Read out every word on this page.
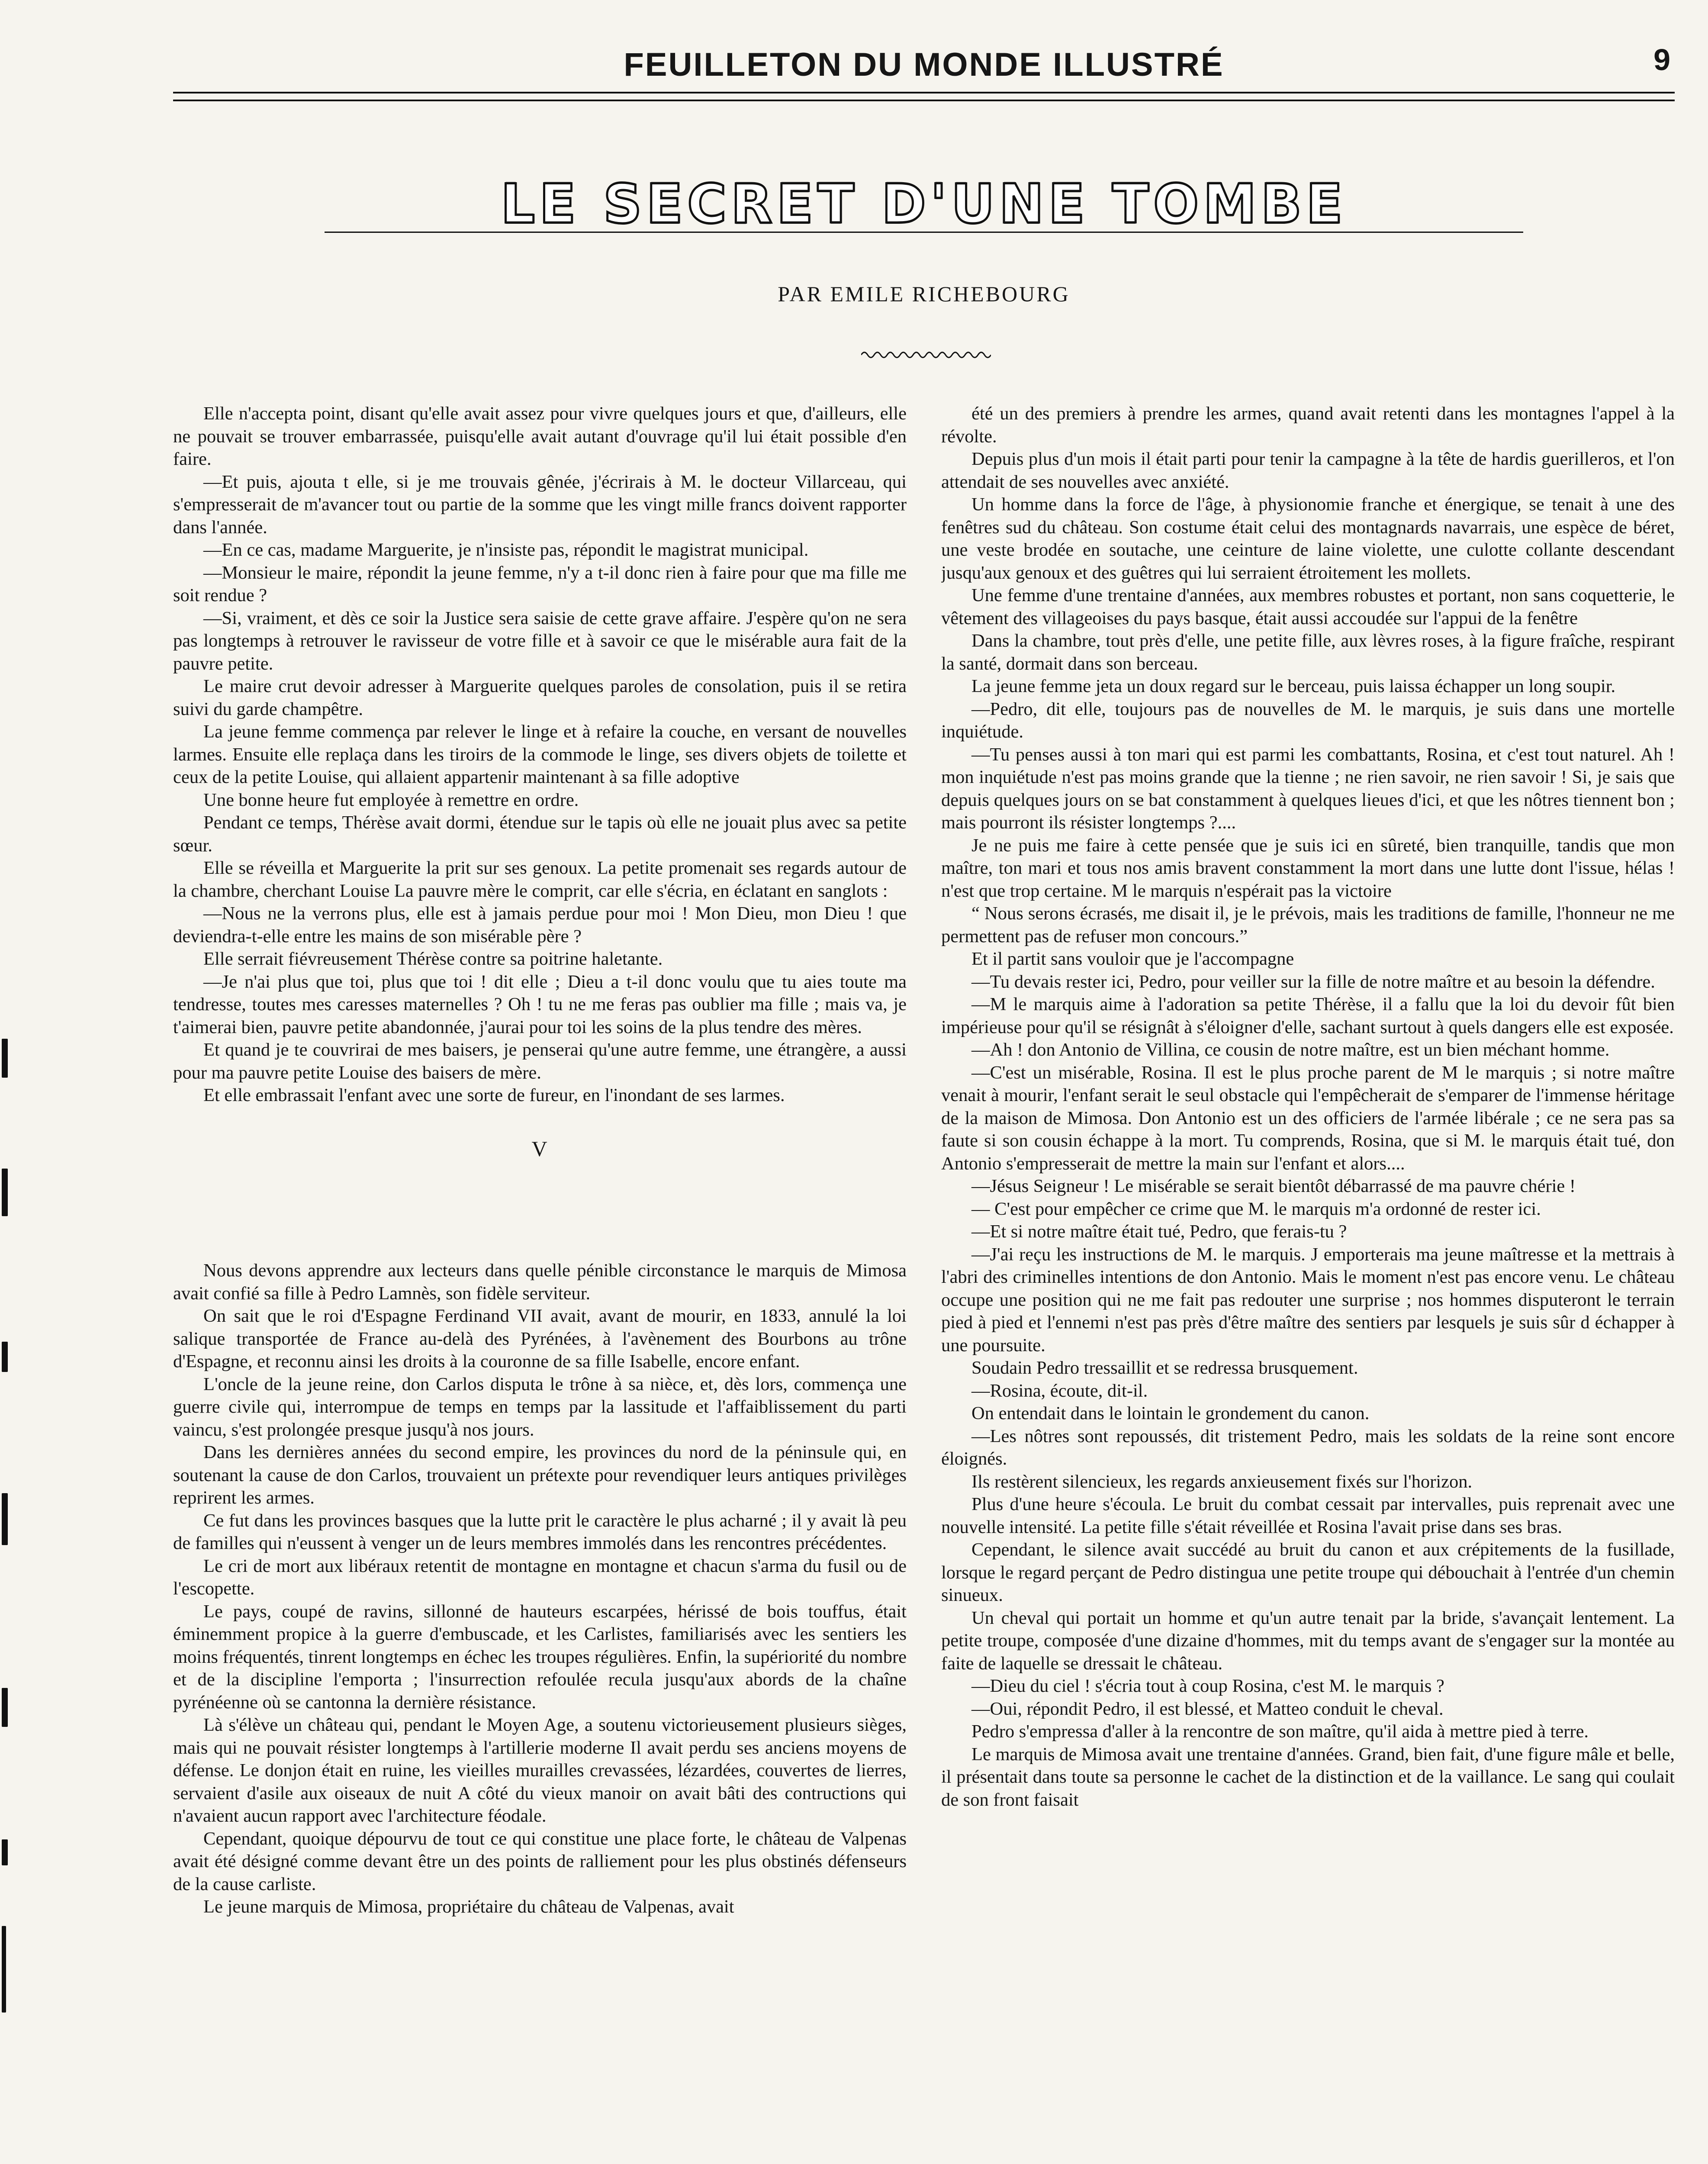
FEUILLETON DU MONDE ILLUSTRÉ	9
LE SECRET D'UNE TOMBE
PAR EMILE RICHEBOURG

Elle n'accepta point, disant qu'elle avait assez pour vivre quelques jours et que, d'ailleurs, elle ne pouvait se trouver embarrassée, puisqu'elle avait autant d'ouvrage qu'il lui était possible d'en faire.

—Et puis, ajouta t elle, si je me trouvais gênée, j'écrirais à M. le docteur Villarceau, qui s'empresserait de m'avancer tout ou partie de la somme que les vingt mille francs doivent rapporter dans l'année.

—En ce cas, madame Marguerite, je n'insiste pas, répondit le magistrat municipal.

—Monsieur le maire, répondit la jeune femme, n'y a t-il donc rien à faire pour que ma fille me soit rendue ?

—Si, vraiment, et dès ce soir la Justice sera saisie de cette grave affaire. J'espère qu'on ne sera pas longtemps à retrouver le ravisseur de votre fille et à savoir ce que le misérable aura fait de la pauvre petite.

Le maire crut devoir adresser à Marguerite quelques paroles de consolation, puis il se retira suivi du garde champêtre.

La jeune femme commença par relever le linge et à refaire la couche, en versant de nouvelles larmes. Ensuite elle replaça dans les tiroirs de la commode le linge, ses divers objets de toilette et ceux de la petite Louise, qui allaient appartenir maintenant à sa fille adoptive

Une bonne heure fut employée à remettre en ordre.

Pendant ce temps, Thérèse avait dormi, étendue sur le tapis où elle ne jouait plus avec sa petite sœur.

Elle se réveilla et Marguerite la prit sur ses genoux. La petite promenait ses regards autour de la chambre, cherchant Louise La pauvre mère le comprit, car elle s'écria, en éclatant en sanglots :

—Nous ne la verrons plus, elle est à jamais perdue pour moi ! Mon Dieu, mon Dieu ! que deviendra-t-elle entre les mains de son misérable père ?

Elle serrait fiévreusement Thérèse contre sa poitrine haletante.

—Je n'ai plus que toi, plus que toi ! dit elle ; Dieu a t-il donc voulu que tu aies toute ma tendresse, toutes mes caresses maternelles ? Oh ! tu ne me feras pas oublier ma fille ; mais va, je t'aimerai bien, pauvre petite abandonnée, j'aurai pour toi les soins de la plus tendre des mères.

Et quand je te couvrirai de mes baisers, je penserai qu'une autre femme, une étrangère, a aussi pour ma pauvre petite Louise des baisers de mère.

Et elle embrassait l'enfant avec une sorte de fureur, en l'inondant de ses larmes.

V

Nous devons apprendre aux lecteurs dans quelle pénible circonstance le marquis de Mimosa avait confié sa fille à Pedro Lamnès, son fidèle serviteur.

On sait que le roi d'Espagne Ferdinand VII avait, avant de mourir, en 1833, annulé la loi salique transportée de France au-delà des Pyrénées, à l'avènement des Bourbons au trône d'Espagne, et reconnu ainsi les droits à la couronne de sa fille Isabelle, encore enfant.

L'oncle de la jeune reine, don Carlos disputa le trône à sa nièce, et, dès lors, commença une guerre civile qui, interrompue de temps en temps par la lassitude et l'affaiblissement du parti vaincu, s'est prolongée presque jusqu'à nos jours.

Dans les dernières années du second empire, les provinces du nord de la péninsule qui, en soutenant la cause de don Carlos, trouvaient un prétexte pour revendiquer leurs antiques privilèges reprirent les armes.

Ce fut dans les provinces basques que la lutte prit le caractère le plus acharné ; il y avait là peu de familles qui n'eussent à venger un de leurs membres immolés dans les rencontres précédentes.

Le cri de mort aux libéraux retentit de montagne en montagne et chacun s'arma du fusil ou de l'escopette.

Le pays, coupé de ravins, sillonné de hauteurs escarpées, hérissé de bois touffus, était éminemment propice à la guerre d'embuscade, et les Carlistes, familiarisés avec les sentiers les moins fréquentés, tinrent longtemps en échec les troupes régulières. Enfin, la supériorité du nombre et de la discipline l'emporta ; l'insurrection refoulée recula jusqu'aux abords de la chaîne pyrénéenne où se cantonna la dernière résistance.

Là s'élève un château qui, pendant le Moyen Age, a soutenu victorieusement plusieurs sièges, mais qui ne pouvait résister longtemps à l'artillerie moderne Il avait perdu ses anciens moyens de défense. Le donjon était en ruine, les vieilles murailles crevassées, lézardées, couvertes de lierres, servaient d'asile aux oiseaux de nuit A côté du vieux manoir on avait bâti des contructions qui n'avaient aucun rapport avec l'architecture féodale.

Cependant, quoique dépourvu de tout ce qui constitue une place forte, le château de Valpenas avait été désigné comme devant être un des points de ralliement pour les plus obstinés défenseurs de la cause carliste.

Le jeune marquis de Mimosa, propriétaire du château de Valpenas, avait

été un des premiers à prendre les armes, quand avait retenti dans les montagnes l'appel à la révolte.

Depuis plus d'un mois il était parti pour tenir la campagne à la tête de hardis guerilleros, et l'on attendait de ses nouvelles avec anxiété.

Un homme dans la force de l'âge, à physionomie franche et énergique, se tenait à une des fenêtres sud du château. Son costume était celui des montagnards navarrais, une espèce de béret, une veste brodée en soutache, une ceinture de laine violette, une culotte collante descendant jusqu'aux genoux et des guêtres qui lui serraient étroitement les mollets.

Une femme d'une trentaine d'années, aux membres robustes et portant, non sans coquetterie, le vêtement des villageoises du pays basque, était aussi accoudée sur l'appui de la fenêtre

Dans la chambre, tout près d'elle, une petite fille, aux lèvres roses, à la figure fraîche, respirant la santé, dormait dans son berceau.

La jeune femme jeta un doux regard sur le berceau, puis laissa échapper un long soupir.

—Pedro, dit elle, toujours pas de nouvelles de M. le marquis, je suis dans une mortelle inquiétude.

—Tu penses aussi à ton mari qui est parmi les combattants, Rosina, et c'est tout naturel. Ah ! mon inquiétude n'est pas moins grande que la tienne ; ne rien savoir, ne rien savoir ! Si, je sais que depuis quelques jours on se bat constamment à quelques lieues d'ici, et que les nôtres tiennent bon ; mais pourront ils résister longtemps ?....

Je ne puis me faire à cette pensée que je suis ici en sûreté, bien tranquille, tandis que mon maître, ton mari et tous nos amis bravent constamment la mort dans une lutte dont l'issue, hélas ! n'est que trop certaine. M le marquis n'espérait pas la victoire

“ Nous serons écrasés, me disait il, je le prévois, mais les traditions de famille, l'honneur ne me permettent pas de refuser mon concours.”

Et il partit sans vouloir que je l'accompagne

—Tu devais rester ici, Pedro, pour veiller sur la fille de notre maître et au besoin la défendre.

—M le marquis aime à l'adoration sa petite Thérèse, il a fallu que la loi du devoir fût bien impérieuse pour qu'il se résignât à s'éloigner d'elle, sachant surtout à quels dangers elle est exposée.

—Ah ! don Antonio de Villina, ce cousin de notre maître, est un bien méchant homme.

—C'est un misérable, Rosina. Il est le plus proche parent de M le marquis ; si notre maître venait à mourir, l'enfant serait le seul obstacle qui l'empêcherait de s'emparer de l'immense héritage de la maison de Mimosa. Don Antonio est un des officiers de l'armée libérale ; ce ne sera pas sa faute si son cousin échappe à la mort. Tu comprends, Rosina, que si M. le marquis était tué, don Antonio s'empresserait de mettre la main sur l'enfant et alors....

—Jésus Seigneur ! Le misérable se serait bientôt débarrassé de ma pauvre chérie !

— C'est pour empêcher ce crime que M. le marquis m'a ordonné de rester ici.

—Et si notre maître était tué, Pedro, que ferais-tu ?

—J'ai reçu les instructions de M. le marquis. J emporterais ma jeune maîtresse et la mettrais à l'abri des criminelles intentions de don Antonio. Mais le moment n'est pas encore venu. Le château occupe une position qui ne me fait pas redouter une surprise ; nos hommes disputeront le terrain pied à pied et l'ennemi n'est pas près d'être maître des sentiers par lesquels je suis sûr d échapper à une poursuite.

Soudain Pedro tressaillit et se redressa brusquement.

—Rosina, écoute, dit-il.

On entendait dans le lointain le grondement du canon.

—Les nôtres sont repoussés, dit tristement Pedro, mais les soldats de la reine sont encore éloignés.

Ils restèrent silencieux, les regards anxieusement fixés sur l'horizon.

Plus d'une heure s'écoula. Le bruit du combat cessait par intervalles, puis reprenait avec une nouvelle intensité. La petite fille s'était réveillée et Rosina l'avait prise dans ses bras.

Cependant, le silence avait succédé au bruit du canon et aux crépitements de la fusillade, lorsque le regard perçant de Pedro distingua une petite troupe qui débouchait à l'entrée d'un chemin sinueux.

Un cheval qui portait un homme et qu'un autre tenait par la bride, s'avançait lentement. La petite troupe, composée d'une dizaine d'hommes, mit du temps avant de s'engager sur la montée au faite de laquelle se dressait le château.

—Dieu du ciel ! s'écria tout à coup Rosina, c'est M. le marquis ?

—Oui, répondit Pedro, il est blessé, et Matteo conduit le cheval.

Pedro s'empressa d'aller à la rencontre de son maître, qu'il aida à mettre pied à terre.

Le marquis de Mimosa avait une trentaine d'années. Grand, bien fait, d'une figure mâle et belle, il présentait dans toute sa personne le cachet de la distinction et de la vaillance. Le sang qui coulait de son front faisait
